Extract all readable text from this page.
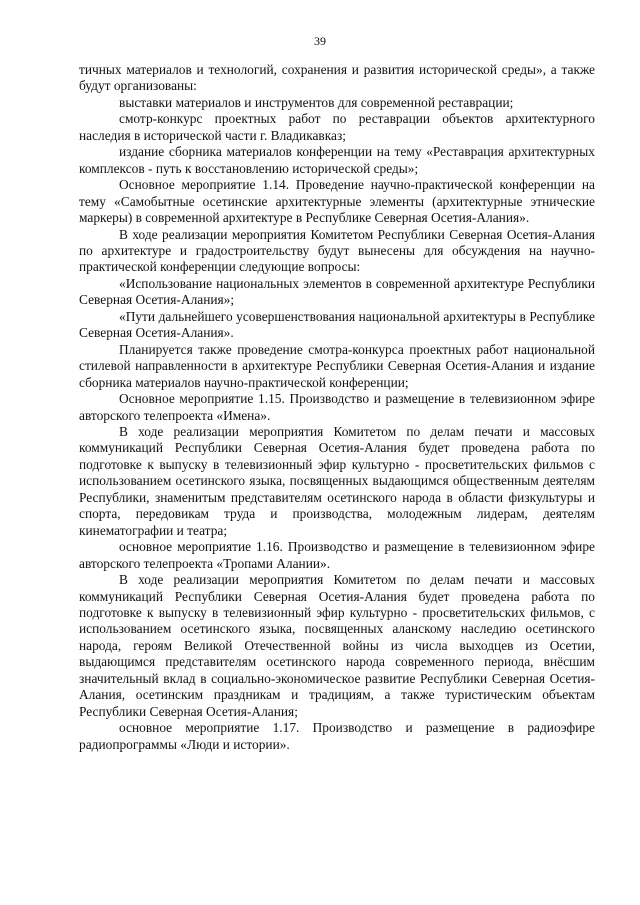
39

тичных материалов и технологий, сохранения и развития исторической среды», а также будут организованы:

выставки материалов и инструментов для современной реставрации;

смотр-конкурс проектных работ по реставрации объектов архитектурного наследия в исторической части г. Владикавказ;

издание сборника материалов конференции на тему «Реставрация архитектурных комплексов - путь к восстановлению исторической среды»;

Основное мероприятие 1.14. Проведение научно-практической конференции на тему «Самобытные осетинские архитектурные элементы (архитектурные этнические маркеры) в современной архитектуре в Республике Северная Осетия-Алания».

В ходе реализации мероприятия Комитетом Республики Северная Осетия-Алания по архитектуре и градостроительству будут вынесены для обсуждения на научно-практической конференции следующие вопросы:

«Использование национальных элементов в современной архитектуре Республики Северная Осетия-Алания»;

«Пути дальнейшего усовершенствования национальной архитектуры в Республике Северная Осетия-Алания».

Планируется также проведение смотра-конкурса проектных работ национальной стилевой направленности в архитектуре Республики Северная Осетия-Алания и издание сборника материалов научно-практической конференции;

Основное мероприятие 1.15. Производство и размещение в телевизионном эфире авторского телепроекта «Имена».

В ходе реализации мероприятия Комитетом по делам печати и массовых коммуникаций Республики Северная Осетия-Алания будет проведена работа по подготовке к выпуску в телевизионный эфир культурно - просветительских фильмов с использованием осетинского языка, посвященных выдающимся общественным деятелям Республики, знаменитым представителям осетинского народа в области физкультуры и спорта, передовикам труда и производства, молодежным лидерам, деятелям кинематографии и театра;

основное мероприятие 1.16. Производство и размещение в телевизионном эфире авторского телепроекта «Тропами Алании».

В ходе реализации мероприятия Комитетом по делам печати и массовых коммуникаций Республики Северная Осетия-Алания будет проведена работа по подготовке к выпуску в телевизионный эфир культурно - просветительских фильмов, с использованием осетинского языка, посвященных аланскому наследию осетинского народа, героям Великой Отечественной войны из числа выходцев из Осетии, выдающимся представителям осетинского народа современного периода, внёсшим значительный вклад в социально-экономическое развитие Республики Северная Осетия-Алания, осетинским праздникам и традициям, а также туристическим объектам Республики Северная Осетия-Алания;

основное мероприятие 1.17. Производство и размещение в радиоэфире радиопрограммы «Люди и истории».
